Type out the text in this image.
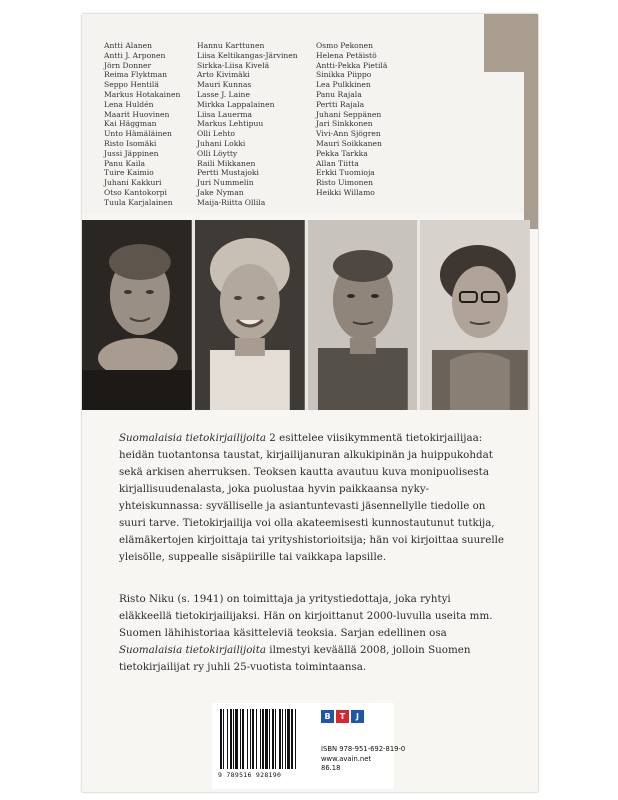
Antti Alanen
Antti J. Arponen
Jörn Donner
Reima Flyktman
Seppo Hentilä
Markus Hotakainen
Lena Huldén
Maarit Huovinen
Kai Häggman
Unto Hämäläinen
Risto Isomäki
Jussi Jäppinen
Panu Kaila
Tuire Kaimio
Juhani Kakkuri
Otso Kantokorpi
Tuula Karjalainen
Hannu Karttunen
Liisa Keltikangas-Järvinen
Sirkka-Liisa Kivelä
Arto Kivimäki
Mauri Kunnas
Lasse J. Laine
Mirkka Lappalainen
Liisa Lauerma
Markus Lehtipuu
Olli Lehto
Juhani Lokki
Olli Löytty
Raili Mikkanen
Pertti Mustajoki
Juri Nummelin
Jake Nyman
Maija-Riitta Ollila
Osmo Pekonen
Helena Petäistö
Antti-Pekka Pietilä
Sinikka Piippo
Lea Pulkkinen
Panu Rajala
Pertti Rajala
Juhani Seppänen
Jari Sinkkonen
Vivi-Ann Sjögren
Mauri Soikkanen
Pekka Tarkka
Allan Tiitta
Erkki Tuomioja
Risto Uimonen
Heikki Willamo

Suomalaisia tietokirjailijoita 2 esittelee viisikymmentä tietokirjailijaa: heidän tuotantonsa taustat, kirjailijanuran alkukipinän ja huippukohdat sekä arkisen aherruksen. Teoksen kautta avautuu kuva monipuolisesta kirjallisuudenalasta, joka puolustaa hyvin paikkaansa nyky-yhteiskunnassa: syvälliselle ja asiantuntevasti jäsennellylle tiedolle on suuri tarve. Tietokirjailija voi olla akateemisesti kunnostautunut tutkija, elämäkertojen kirjoittaja tai yrityshistorioitsija; hän voi kirjoittaa suurelle yleisölle, suppealle sisäpiirille tai vaikkapa lapsille.

Risto Niku (s. 1941) on toimittaja ja yritystiedottaja, joka ryhtyi eläkkeellä tietokirjailijaksi. Hän on kirjoittanut 2000-luvulla useita mm. Suomen lähihistoriaa käsitteleviä teoksia. Sarjan edellinen osa Suomalaisia tietokirjailijoita ilmestyi keväällä 2008, jolloin Suomen tietokirjailijat ry juhli 25-vuotista toimintaansa.

9 789516 928190
B	T	J
ISBN 978-951-692-819-0
www.avain.net
86.18
